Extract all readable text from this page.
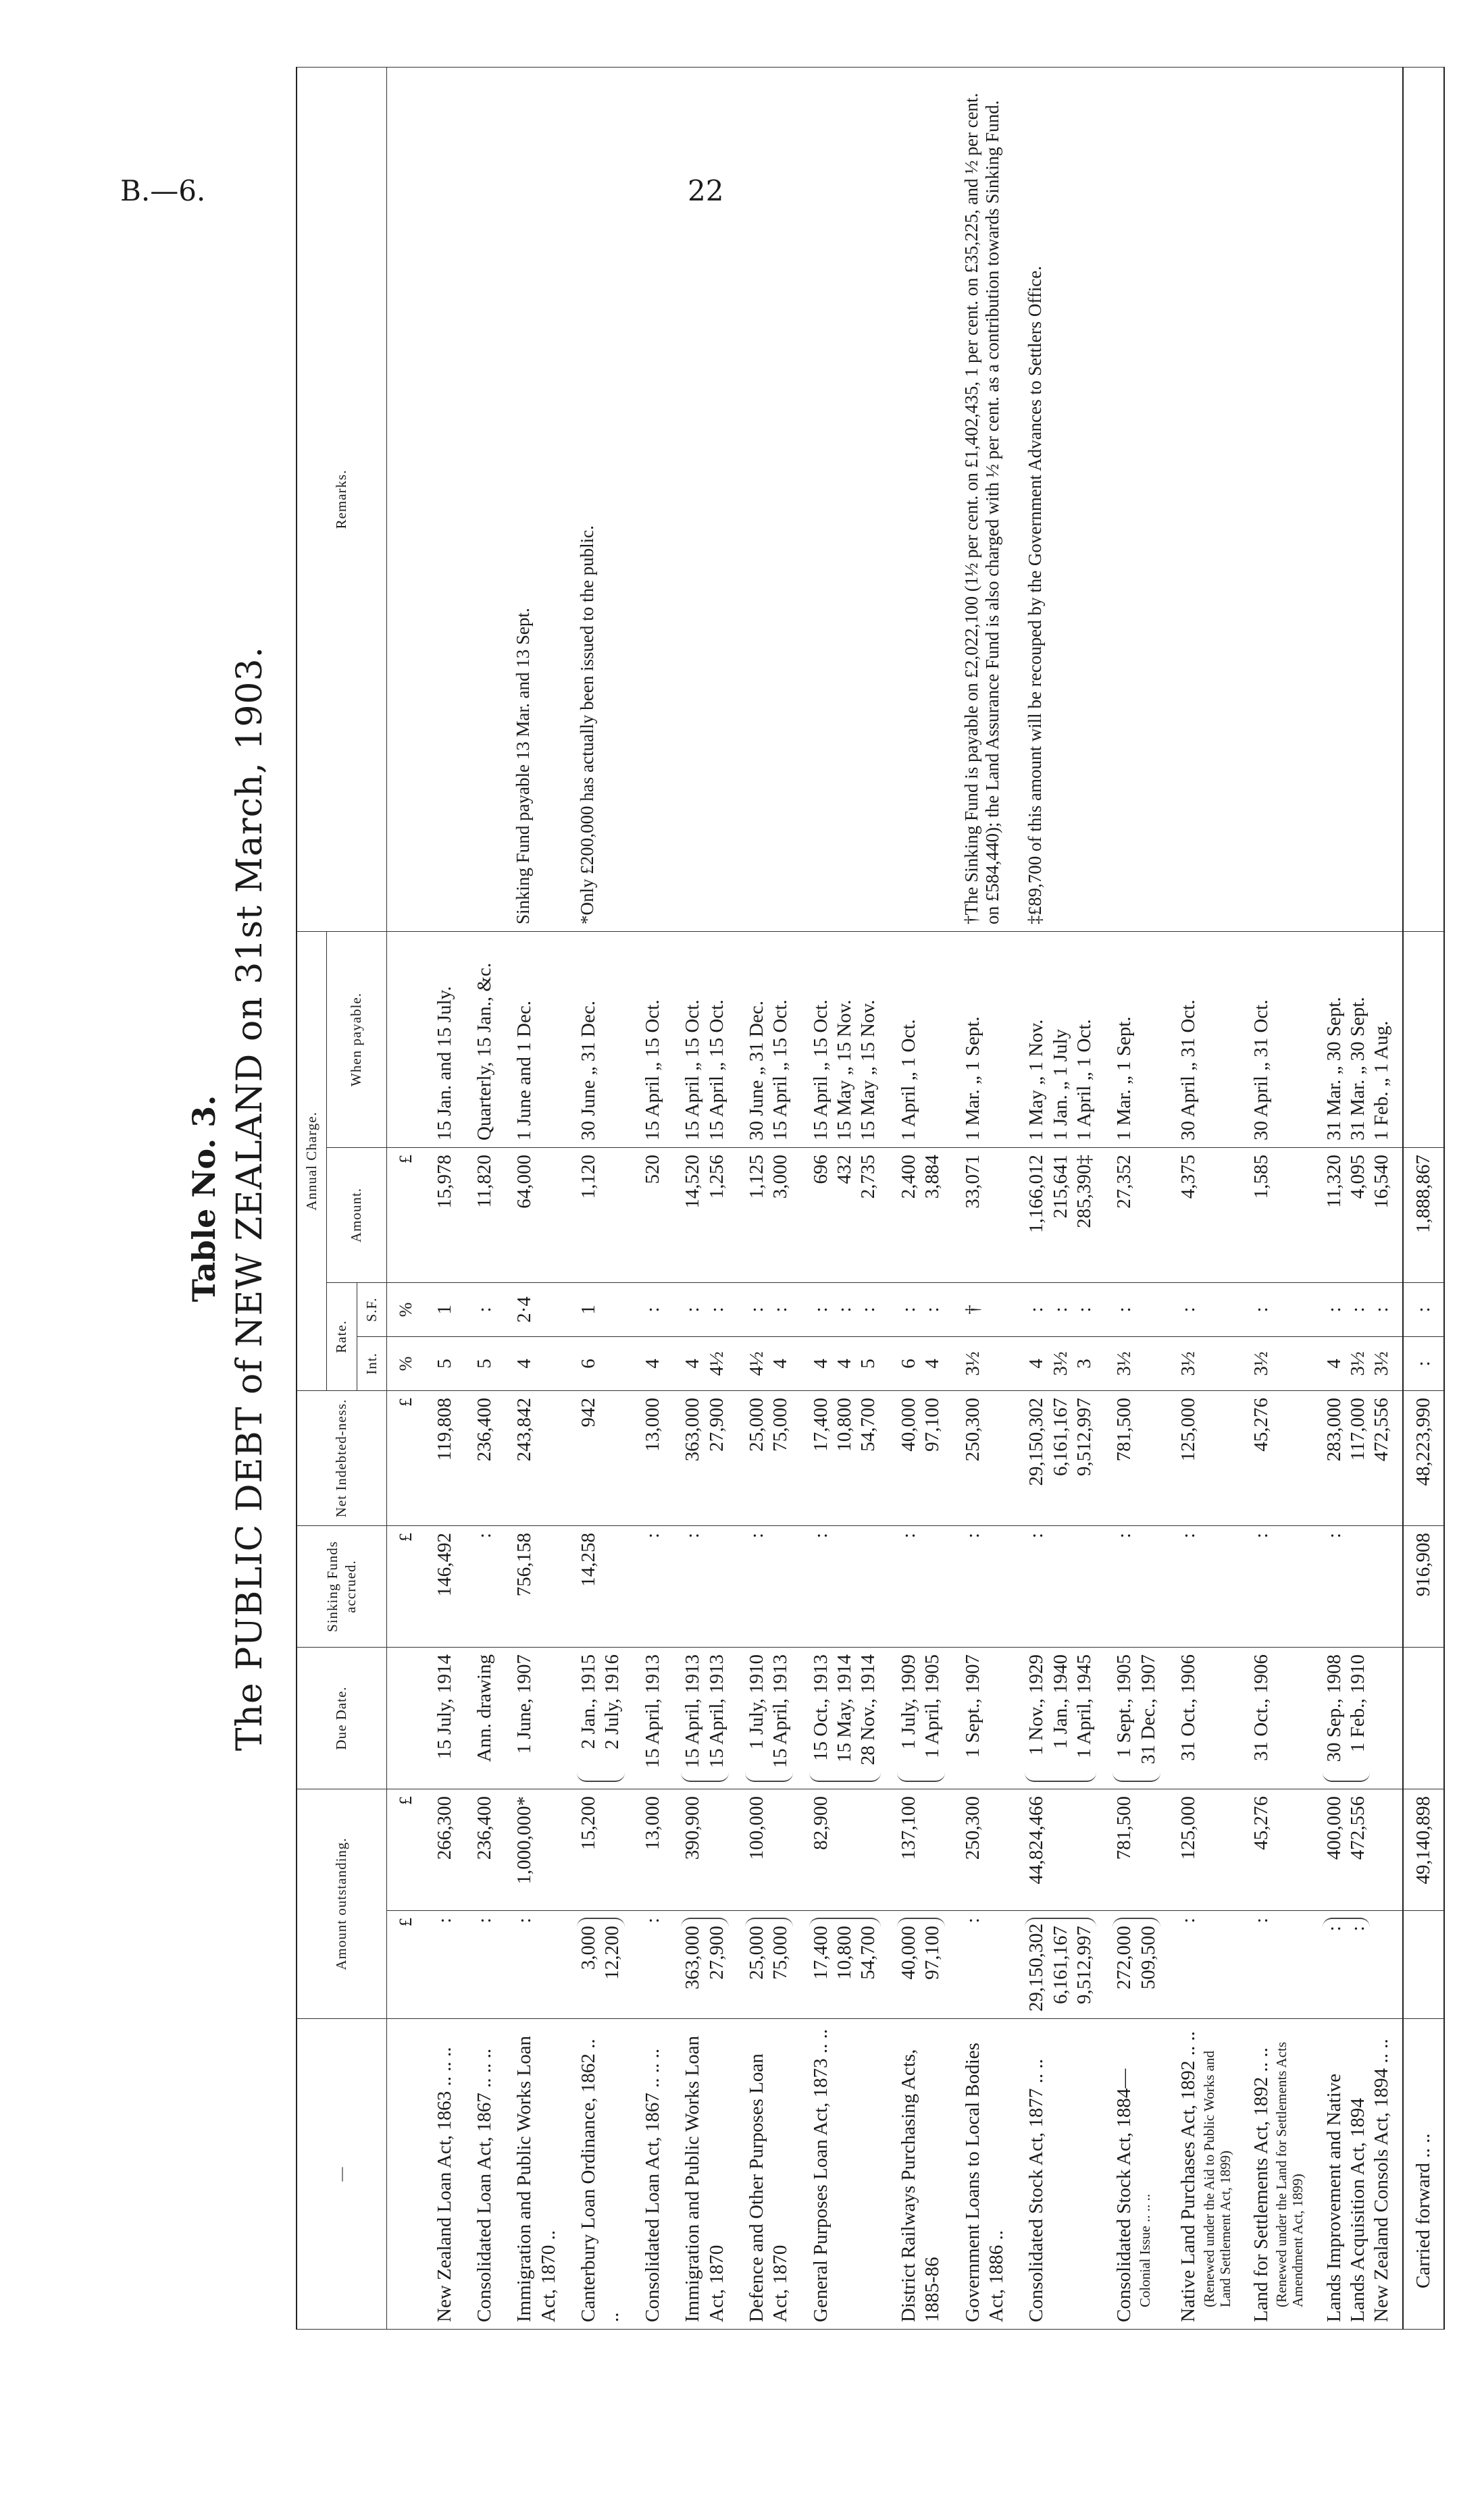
B.—6.	22
Table No. 3. The PUBLIC DEBT of NEW ZEALAND on 31st March, 1903.
—	Amount outstanding.		Due Date.	Sinking Funds accrued.	Net Indebted-ness.	Annual Charge.				Remarks.
						Rate.		Amount.	When payable.	
						Int.	S.F.			
	£	£		£	£	%	%	£		
New Zealand Loan Act, 1863 .. .. ..	:	266,300	15 July, 1914	146,492	119,808	5	1	15,978	15 Jan. and 15 July.	

Consolidated Loan Act, 1867 .. .. ..	:	236,400	Ann. drawing	:	236,400	5	:	11,820	Quarterly, 15 Jan., &c.	

Immigration and Public Works Loan Act, 1870 ..	:	1,000,000*	1 June, 1907	756,158	243,842	4	2·4	64,000	1 June and 1 Dec.	Sinking Fund payable 13 Mar. and 13 Sept.
Canterbury Loan Ordinance, 1862 .. ..	3,000 12,200	15,200	2 Jan., 1915 2 July, 1916	14,258	942	6	1	1,120	30 June „ 31 Dec.	*Only £200,000 has actually been issued to the public.
Consolidated Loan Act, 1867 .. .. ..	:	13,000	15 April, 1913	:	13,000	4	:	520	15 April „ 15 Oct.	

Immigration and Public Works Loan Act, 1870	363,000 27,900	390,900	15 April, 1913 15 April, 1913	:	363,000 27,900	4 4½	: :	14,520 1,256	15 April „ 15 Oct. 15 April „ 15 Oct.	

Defence and Other Purposes Loan Act, 1870	25,000 75,000	100,000	1 July, 1910 15 April, 1913	:	25,000 75,000	4½ 4	: :	1,125 3,000	30 June „ 31 Dec. 15 April „ 15 Oct.	

General Purposes Loan Act, 1873 .. ..	17,400 10,800 54,700	82,900	15 Oct., 1913 15 May, 1914 28 Nov., 1914	:	17,400 10,800 54,700	4 4 5	: : :	696 432 2,735	15 April „ 15 Oct. 15 May „ 15 Nov. 15 May „ 15 Nov.	

District Railways Purchasing Acts, 1885-86	40,000 97,100	137,100	1 July, 1909 1 April, 1905	:	40,000 97,100	6 4	: :	2,400 3,884	1 April „ 1 Oct.	

Government Loans to Local Bodies Act, 1886 ..	:	250,300	1 Sept., 1907	:	250,300	3½	†	33,071	1 Mar. „ 1 Sept.	†The Sinking Fund is payable on £2,022,100 (1½ per cent. on £1,402,435, 1 per cent. on £35,225, and ½ per cent. on £584,440); the Land Assurance Fund is also charged with ½ per cent. as a contribution towards Sinking Fund.
Consolidated Stock Act, 1877 .. ..	29,150,302 6,161,167 9,512,997	44,824,466	1 Nov., 1929 1 Jan., 1940 1 April, 1945	:	29,150,302 6,161,167 9,512,997	4 3½ 3	: : :	1,166,012 215,641 285,390‡	1 May „ 1 Nov. 1 Jan. „ 1 July 1 April „ 1 Oct.	‡£89,700 of this amount will be recouped by the Government Advances to Settlers Office.
Consolidated Stock Act, 1884— Colonial Issue .. .. ..	272,000 509,500	781,500	1 Sept., 1905 31 Dec., 1907	:	781,500	3½	:	27,352	1 Mar. „ 1 Sept.	

Native Land Purchases Act, 1892 .. .. (Renewed under the Aid to Public Works and Land Settlement Act, 1899)	:	125,000	31 Oct., 1906	:	125,000	3½	:	4,375	30 April „ 31 Oct.	

Land for Settlements Act, 1892 .. .. (Renewed under the Land for Settlements Acts Amendment Act, 1899)	:	45,276	31 Oct., 1906	:	45,276	3½	:	1,585	30 April „ 31 Oct.	

Lands Improvement and Native Lands Acquisition Act, 1894 New Zealand Consols Act, 1894 .. ..	: :	400,000 472,556	30 Sep., 1908 1 Feb., 1910	:	283,000 117,000 472,556	4 3½ 3½	: : :	11,320 4,095 16,540	31 Mar. „ 30 Sept. 31 Mar. „ 30 Sept. 1 Feb. „ 1 Aug.	

Carried forward .. ..		49,140,898		916,908	48,223,990	:	:	1,888,867		
